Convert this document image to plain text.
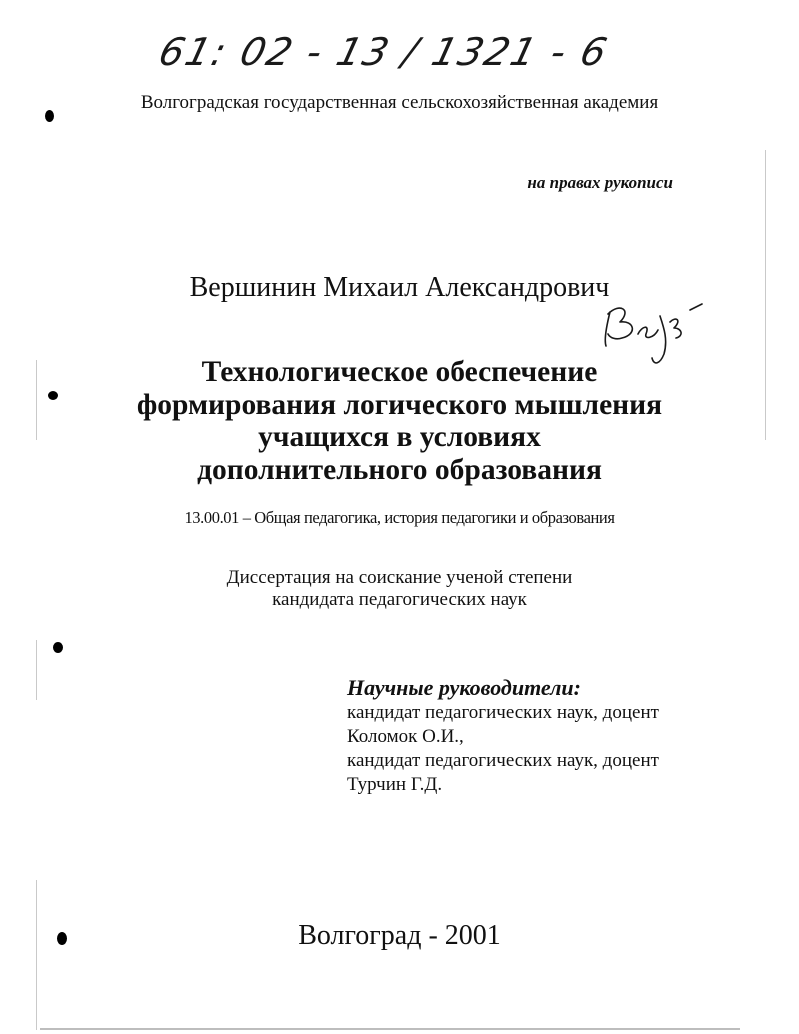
61: 02 - 13 / 1321 - 6
Волгоградская государственная сельскохозяйственная академия
на правах рукописи
Вершинин Михаил Александрович
Технологическое обеспечение
формирования логического мышления
учащихся в условиях
дополнительного образования
13.00.01 – Общая педагогика, история педагогики и образования
Диссертация на соискание ученой степени
кандидата педагогических наук
Научные руководители:
кандидат педагогических наук, доцент
Коломок О.И.,
кандидат педагогических наук, доцент
Турчин Г.Д.
Волгоград - 2001
